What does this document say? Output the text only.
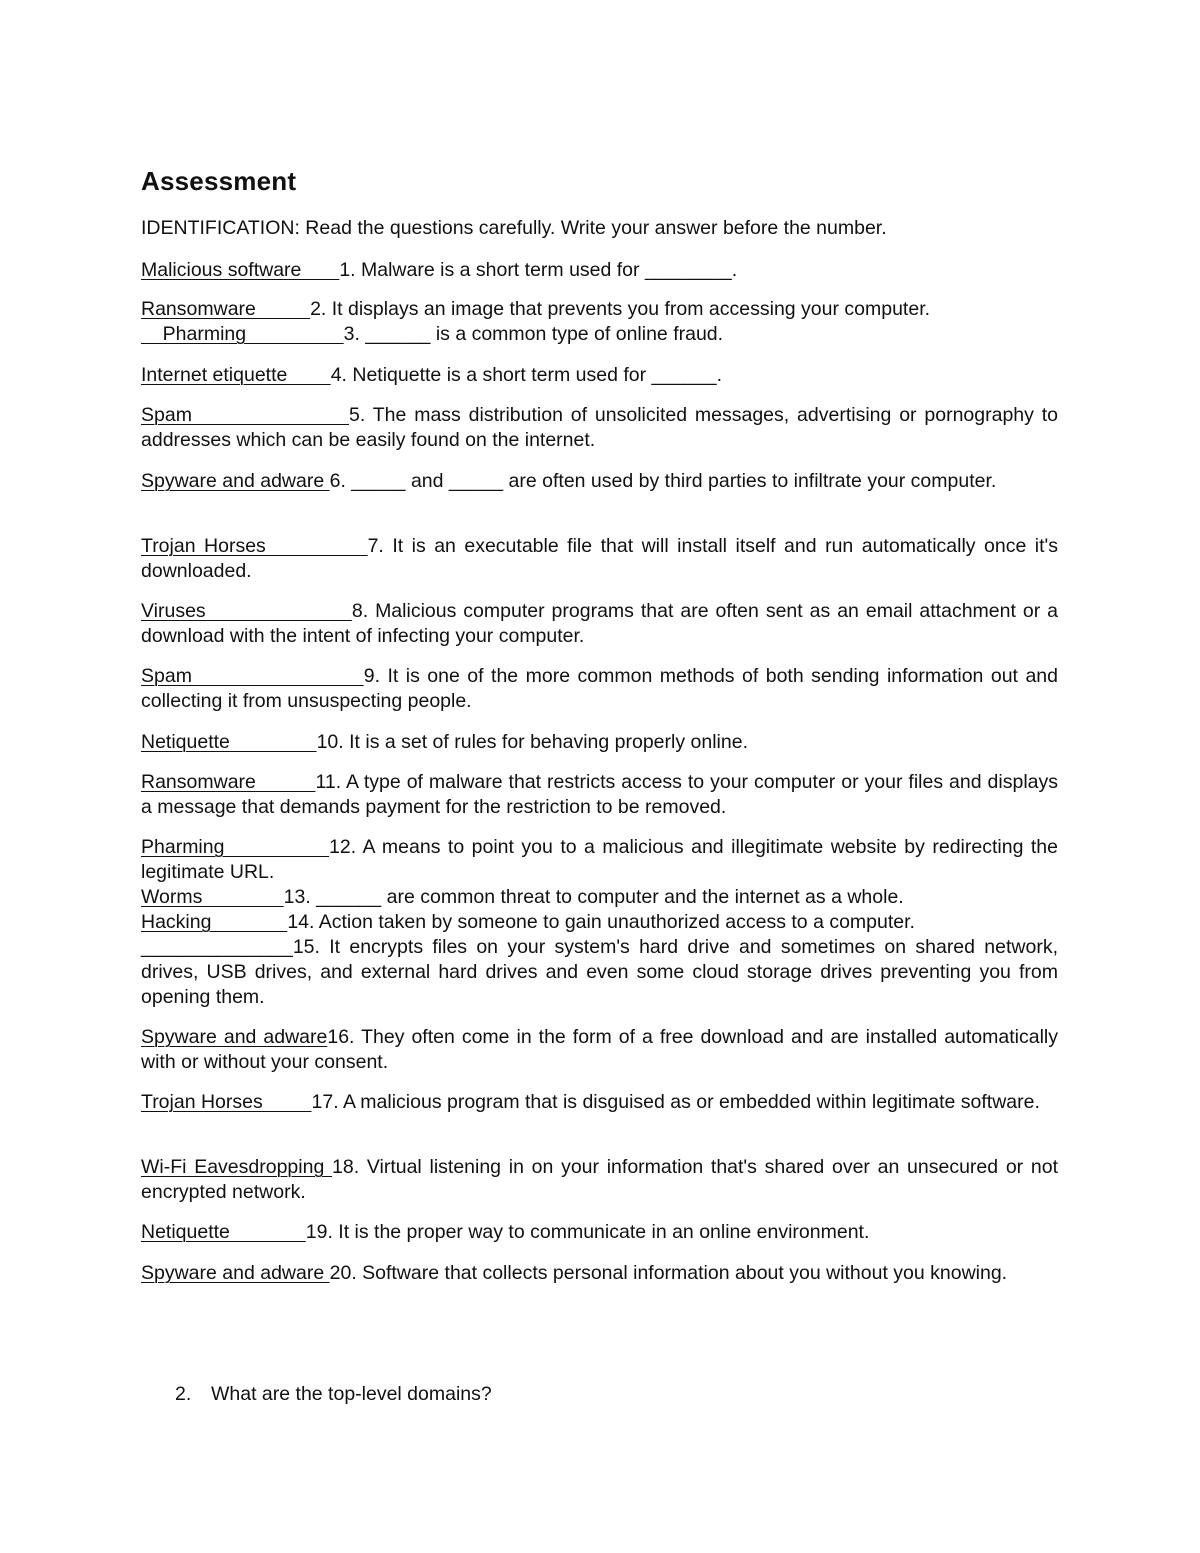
Assessment

IDENTIFICATION: Read the questions carefully. Write your answer before the number.

Malicious software       1. Malware is a short term used for ________.

Ransomware          2. It displays an image that prevents you from accessing your computer.

Pharming                  3. ______ is a common type of online fraud.

Internet etiquette        4. Netiquette is a short term used for ______.

Spam                    5. The mass distribution of unsolicited messages, advertising or pornography to addresses which can be easily found on the internet.

Spyware and adware 6. _____ and _____ are often used by third parties to infiltrate your computer.

Trojan Horses            7. It is an executable file that will install itself and run automatically once it's downloaded.

Viruses                     8. Malicious computer programs that are often sent as an email attachment or a download with the intent of infecting your computer.

Spam                       9. It is one of the more common methods of both sending information out and collecting it from unsuspecting people.

Netiquette                10. It is a set of rules for behaving properly online.

Ransomware          11. A type of malware that restricts access to your computer or your files and displays a message that demands payment for the restriction to be removed.

Pharming              12. A means to point you to a malicious and illegitimate website by redirecting the legitimate URL.

Worms               13. ______ are common threat to computer and the internet as a whole.

Hacking              14. Action taken by someone to gain unauthorized access to a computer.

______________15. It encrypts files on your system's hard drive and sometimes on shared network, drives, USB drives, and external hard drives and even some cloud storage drives preventing you from opening them.

Spyware and adware16. They often come in the form of a free download and are installed automatically with or without your consent.

Trojan Horses         17. A malicious program that is disguised as or embedded within legitimate software.

Wi-Fi Eavesdropping 18. Virtual listening in on your information that's shared over an unsecured or not encrypted network.

Netiquette              19. It is the proper way to communicate in an online environment.

Spyware and adware 20. Software that collects personal information about you without you knowing.

2. What are the top-level domains?
